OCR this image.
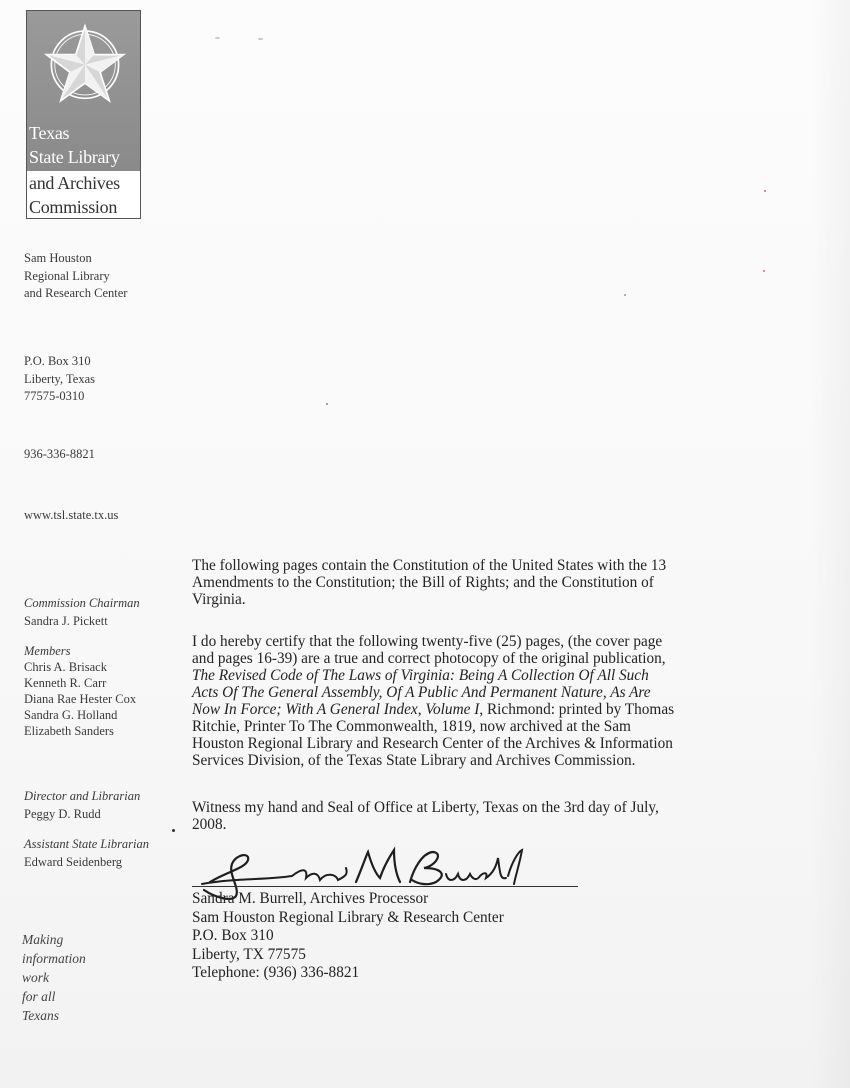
Texas
State Library
and Archives
Commission
Sam Houston
Regional Library
and Research Center
P.O. Box 310
Liberty, Texas
77575-0310
936-336-8821
www.tsl.state.tx.us
Commission Chairman
Sandra J. Pickett
Members
Chris A. Brisack
Kenneth R. Carr
Diana Rae Hester Cox
Sandra G. Holland
Elizabeth Sanders
Director and Librarian
Peggy D. Rudd
Assistant State Librarian
Edward Seidenberg
Making
information
work
for all
Texans
The following pages contain the Constitution of the United States with the 13
Amendments to the Constitution; the Bill of Rights; and the Constitution of
Virginia.
I do hereby certify that the following twenty-five (25) pages, (the cover page
and pages 16-39) are a true and correct photocopy of the original publication,
The Revised Code of The Laws of Virginia: Being A Collection Of All Such
Acts Of The General Assembly, Of A Public And Permanent Nature, As Are
Now In Force; With A General Index, Volume I, Richmond: printed by Thomas
Ritchie, Printer To The Commonwealth, 1819, now archived at the Sam
Houston Regional Library and Research Center of the Archives & Information
Services Division, of the Texas State Library and Archives Commission.
Witness my hand and Seal of Office at Liberty, Texas on the 3rd day of July,
2008.
Sandra M. Burrell, Archives Processor
Sam Houston Regional Library & Research Center
P.O. Box 310
Liberty, TX 77575
Telephone: (936) 336-8821
